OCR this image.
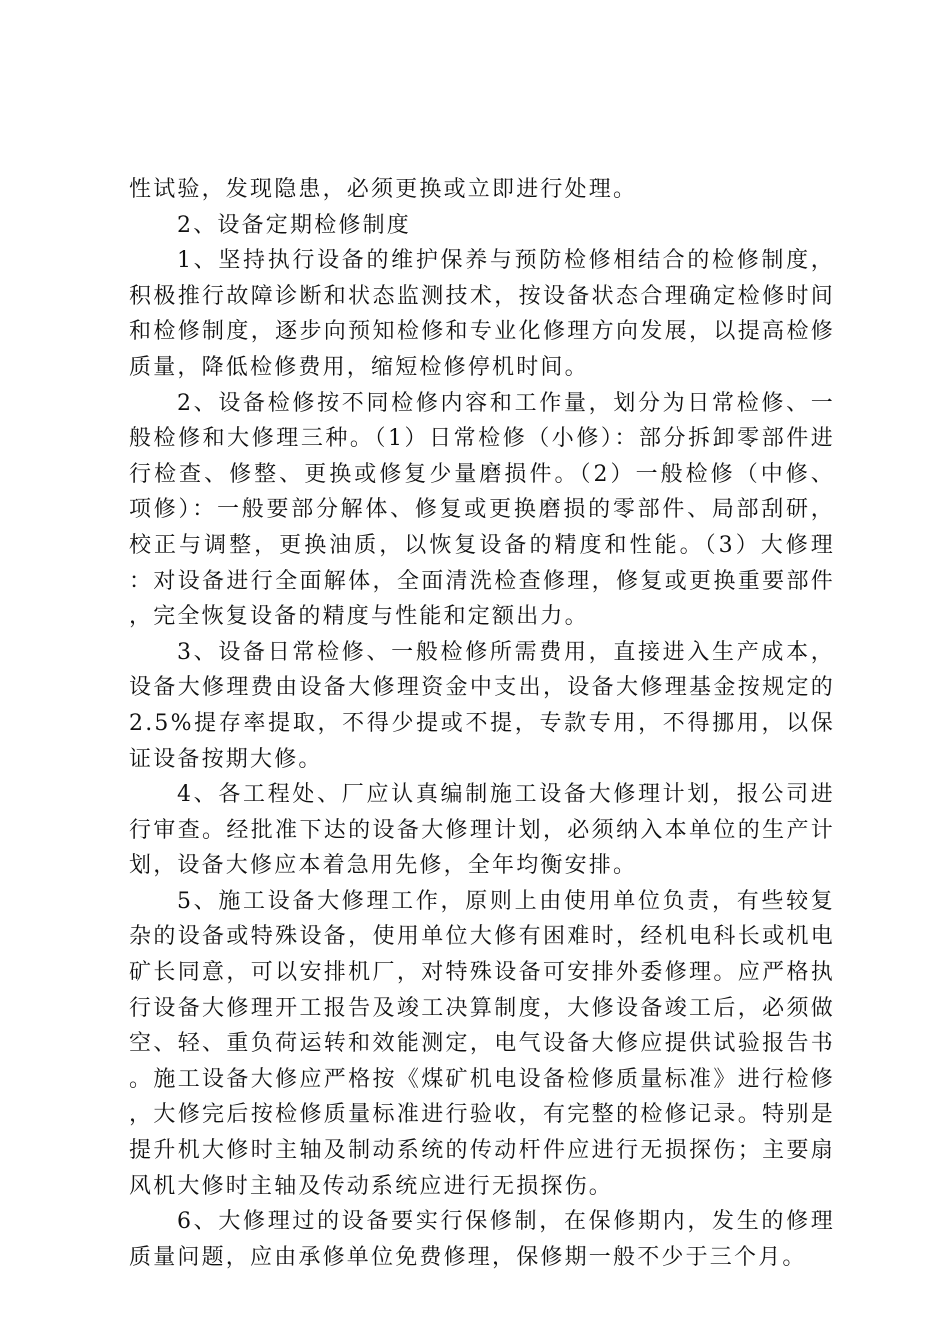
性试验，发现隐患，必须更换或立即进行处理。

2、设备定期检修制度

1、坚持执行设备的维护保养与预防检修相结合的检修制度，积极推行故障诊断和状态监测技术，按设备状态合理确定检修时间和检修制度，逐步向预知检修和专业化修理方向发展，以提高检修质量，降低检修费用，缩短检修停机时间。

2、设备检修按不同检修内容和工作量，划分为日常检修、一般检修和大修理三种。（1）日常检修（小修）：部分拆卸零部件进行检查、修整、更换或修复少量磨损件。（2）一般检修（中修、项修）：一般要部分解体、修复或更换磨损的零部件、局部刮研，校正与调整，更换油质，以恢复设备的精度和性能。（3）大修理：对设备进行全面解体，全面清洗检查修理，修复或更换重要部件，完全恢复设备的精度与性能和定额出力。

3、设备日常检修、一般检修所需费用，直接进入生产成本，设备大修理费由设备大修理资金中支出，设备大修理基金按规定的2.5%提存率提取，不得少提或不提，专款专用，不得挪用，以保证设备按期大修。

4、各工程处、厂应认真编制施工设备大修理计划，报公司进行审查。经批准下达的设备大修理计划，必须纳入本单位的生产计划，设备大修应本着急用先修，全年均衡安排。

5、施工设备大修理工作，原则上由使用单位负责，有些较复杂的设备或特殊设备，使用单位大修有困难时，经机电科长或机电矿长同意，可以安排机厂，对特殊设备可安排外委修理。应严格执行设备大修理开工报告及竣工决算制度，大修设备竣工后，必须做空、轻、重负荷运转和效能测定，电气设备大修应提供试验报告书。施工设备大修应严格按《煤矿机电设备检修质量标准》进行检修，大修完后按检修质量标准进行验收，有完整的检修记录。特别是提升机大修时主轴及制动系统的传动杆件应进行无损探伤；主要扇风机大修时主轴及传动系统应进行无损探伤。

6、大修理过的设备要实行保修制，在保修期内，发生的修理质量问题，应由承修单位免费修理，保修期一般不少于三个月。
